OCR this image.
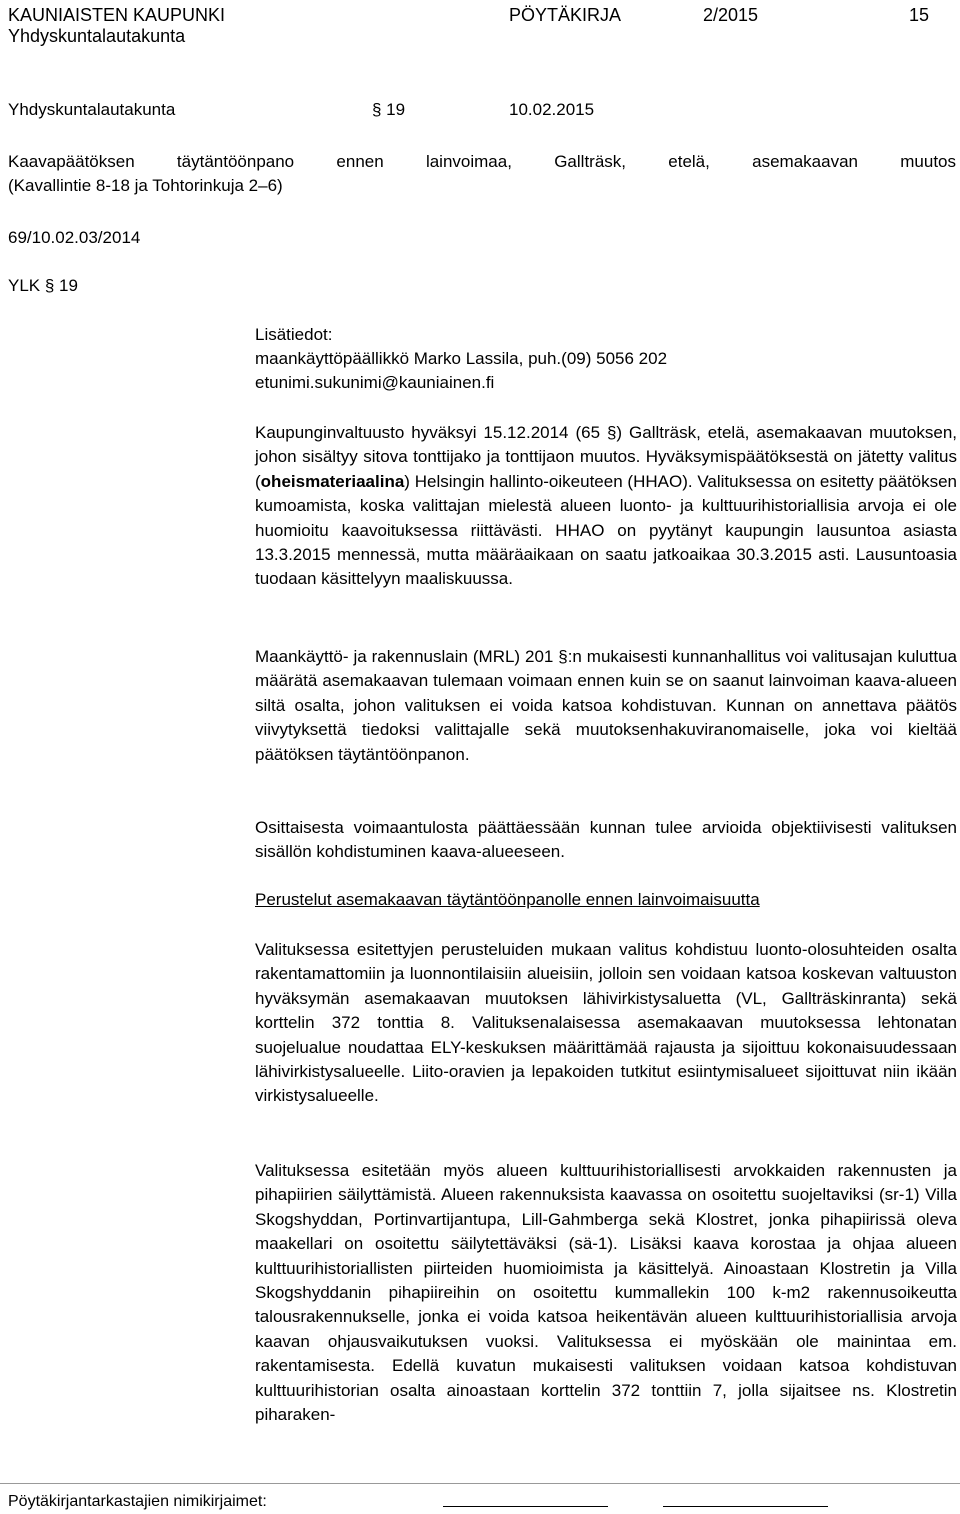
KAUNIAISTEN KAUPUNKI
Yhdyskuntalautakunta
PÖYTÄKIRJA	2/2015	15
Yhdyskuntalautakunta	§ 19	10.02.2015
Kaavapäätöksen täytäntöönpano ennen lainvoimaa, Gallträsk, etelä, asemakaavan muutos
(Kavallintie 8-18 ja Tohtorinkuja 2–6)
69/10.02.03/2014
YLK § 19
Lisätiedot:
maankäyttöpäällikkö Marko Lassila, puh.(09) 5056 202
etunimi.sukunimi@kauniainen.fi
Kaupunginvaltuusto hyväksyi 15.12.2014 (65 §) Gallträsk, etelä, asemakaavan muutoksen, johon sisältyy sitova tonttijako ja tonttijaon muutos. Hyväksymispäätöksestä on jätetty valitus (oheismateriaalina) Helsingin hallinto-oikeuteen (HHAO). Valituksessa on esitetty päätöksen kumoamista, koska valittajan mielestä alueen luonto- ja kulttuurihistoriallisia arvoja ei ole huomioitu kaavoituksessa riittävästi. HHAO on pyytänyt kaupungin lausuntoa asiasta 13.3.2015 mennessä, mutta määräaikaan on saatu jatkoaikaa 30.3.2015 asti. Lausuntoasia tuodaan käsittelyyn maaliskuussa.
Maankäyttö- ja rakennuslain (MRL) 201 §:n mukaisesti kunnanhallitus voi valitusajan kuluttua määrätä asemakaavan tulemaan voimaan ennen kuin se on saanut lainvoiman kaava-alueen siltä osalta, johon valituksen ei voida katsoa kohdistuvan. Kunnan on annettava päätös viivytyksettä tiedoksi valittajalle sekä muutoksenhakuviranomaiselle, joka voi kieltää päätöksen täytäntöönpanon.
Osittaisesta voimaantulosta päättäessään kunnan tulee arvioida objektiivisesti valituksen sisällön kohdistuminen kaava-alueeseen.
Perustelut asemakaavan täytäntöönpanolle ennen lainvoimaisuutta
Valituksessa esitettyjen perusteluiden mukaan valitus kohdistuu luonto-olosuhteiden osalta rakentamattomiin ja luonnontilaisiin alueisiin, jolloin sen voidaan katsoa koskevan valtuuston hyväksymän asemakaavan muutoksen lähivirkistysaluetta (VL, Gallträskinranta) sekä korttelin 372 tonttia 8. Valituksenalaisessa asemakaavan muutoksessa lehtonatan suojelualue noudattaa ELY-keskuksen määrittämää rajausta ja sijoittuu kokonaisuudessaan lähivirkistysalueelle. Liito-oravien ja lepakoiden tutkitut esiintymisalueet sijoittuvat niin ikään virkistysalueelle.
Valituksessa esitetään myös alueen kulttuurihistoriallisesti arvokkaiden rakennusten ja pihapiirien säilyttämistä. Alueen rakennuksista kaavassa on osoitettu suojeltaviksi (sr-1) Villa Skogshyddan, Portinvartijantupa, Lill-Gahmberga sekä Klostret, jonka pihapiirissä oleva maakellari on osoitettu säilytettäväksi (sä-1). Lisäksi kaava korostaa ja ohjaa alueen kulttuurihistoriallisten piirteiden huomioimista ja käsittelyä. Ainoastaan Klostretin ja Villa Skogshyddanin pihapiireihin on osoitettu kummallekin 100 k-m2 rakennusoikeutta talousrakennukselle, jonka ei voida katsoa heikentävän alueen kulttuurihistoriallisia arvoja kaavan ohjausvaikutuksen vuoksi. Valituksessa ei myöskään ole mainintaa em. rakentamisesta. Edellä kuvatun mukaisesti valituksen voidaan katsoa kohdistuvan kulttuurihistorian osalta ainoastaan korttelin 372 tonttiin 7, jolla sijaitsee ns. Klostretin piharaken-
Pöytäkirjantarkastajien nimikirjaimet:
